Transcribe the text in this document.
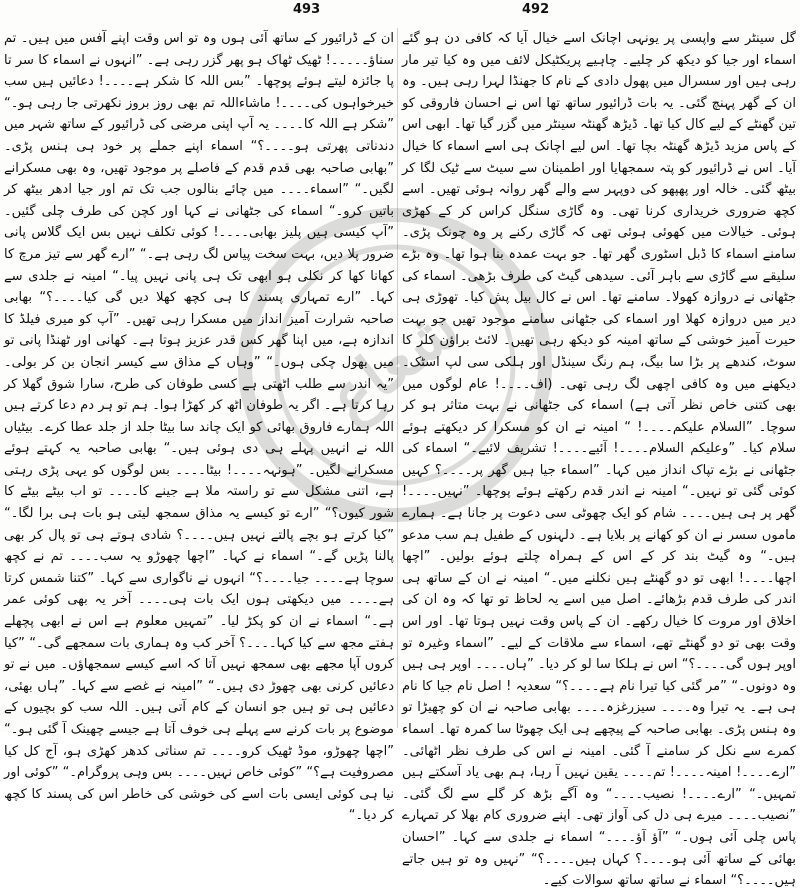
493	492

ان کے ڈرائیور کے ساتھ آئی ہوں وہ تو اس وقت اپنے آفس میں ہیں۔ تم سناؤ۔۔۔۔۔! ٹھیک ٹھاک ہو پھر گزر رہی ہے۔ ”انہوں نے اسماء کا سر تا پا جائزہ لیتے ہوئے پوچھا۔ ”بس اللہ کا شکر ہے۔۔۔۔! دعائیں ہیں سب خیرخواہوں کی۔۔۔۔! ماشاءاللہ تم بھی روز بروز نکھرتی جا رہی ہو۔“ ”شکر ہے اللہ کا۔۔۔۔ یہ آپ اپنی مرضی کی ڈرائیور کے ساتھ شہر میں دندناتی پھرتی ہو۔۔۔۔؟“ اسماء اپنے جملے پر خود ہی ہنس پڑی۔ ”بھابی صاحبہ بھی قدم قدم کے فاصلے پر موجود تھیں، وہ بھی مسکرانے لگیں۔“ ”اسماء۔۔۔۔ میں چائے بنالوں جب تک تم اور جیا ادھر بیٹھ کر باتیں کرو۔“ اسماء کی جٹھانی نے کہا اور کچن کی طرف چلی گئیں۔ ”آپ کیسی ہیں پلیز بھابی۔۔۔۔! کوئی تکلف نہیں بس ایک گلاس پانی ضرور پلا دیں، بہت سخت پیاس لگ رہی ہے۔“ ”ارے گھر سے تیز مرچ کا کھانا کھا کر نکلی ہو ابھی تک ہی پانی نہیں پیا۔“ امینہ نے جلدی سے کہا۔ ”ارے تمہاری پسند کا ہی کچھ کھلا دیں گی کیا۔۔۔۔؟“ بھابی صاحبہ شرارت آمیز انداز میں مسکرا رہی تھیں۔ ”آپ کو میری فیلڈ کا اندازہ ہے، میں اپنا گھر کس قدر عزیز ہوتا ہے۔ کھانی اور ٹھنڈا پانی تو میں بھول چکی ہوں۔“ ”وہاں کے مذاق سے کیسر انجان بن کر بولی۔ ”یہ اندر سے طلب اٹھتی ہے کسی طوفان کی طرح، سارا شوق گھلا کر رہا کرتا ہے۔ اگر یہ طوفان اٹھ کر کھڑا ہوا۔ ہم تو ہر دم دعا کرتے ہیں اللہ ہمارے فاروق بھائی کو ایک چاند سا بیٹا جلد از جلد عطا کرے۔ بیٹیاں اللہ نے انہیں پہلے ہی دی ہوئی ہیں۔“ بھابی صاحبہ یہ کہتے ہوئے مسکرانے لگیں۔ ”ہونہہ۔۔۔۔! بیٹا۔۔۔۔ بس لوگوں کو یہی پڑی رہتی ہے، اتنی مشکل سے تو راستہ ملا ہے جینے کا۔۔۔۔ تو اب بیٹے بیٹے کا شور کیوں؟“ ”ارے تو کیسے یہ مذاق سمجھ لیتی ہو بات ہی برا لگا۔“ ”کیا کرتے ہو بچے پالتے نہیں ہیں۔۔۔۔؟ شادی ہوتے ہی تو پال کر بھی پالنا پڑیں گے۔“ اسماء نے کہا۔ ”اچھا چھوڑو یہ سب۔۔۔۔ تم نے کچھ سوچا ہے۔۔۔۔ جیا۔۔۔۔؟“ انہوں نے ناگواری سے کہا۔ ”کتنا شمس کرتا ہے۔۔۔۔ میں دیکھتی ہوں ایک بات ہی۔۔۔۔ آخر یہ بھی کوئی عمر ہے۔“ اسماء نے ان کو پکڑ لیا۔ ”تمہیں معلوم ہے اس نے ابھی پچھلے ہفتے مجھ سے کیا کہا۔۔۔۔؟ آخر کب وہ ہماری بات سمجھے گی۔“ ”کیا کروں آپا مجھے بھی سمجھ نہیں آتا کہ اسے کیسے سمجھاؤں۔ میں نے تو دعائیں کرنی بھی چھوڑ دی ہیں۔“ ”امینہ نے غصے سے کہا۔ ”ہاں بھئی، دعائیں ہی تو ہیں جو انسان کے کام آتی ہیں۔ اللہ سب کو بچیوں کے موضوع پر بات کرنے سے پہلے ہی خوف آتا ہے جیسے چھینک آ گئی ہو۔“ ”اچھا چھوڑو، موڈ ٹھیک کرو۔۔۔۔ تم سناتی کدھر کھڑی ہو، آج کل کیا مصروفیت ہے؟“ ”کوئی خاص نہیں۔۔۔۔ بس وہی پروگرام۔“ ”کوئی اور نیا ہی کوئی ایسی بات اسے کی خوشی کی خاطر اس کی پسند کا کچھ کر دیا۔“

گل سینٹر سے واپسی پر یونہی اچانک اسے خیال آیا کہ کافی دن ہو گئے اسماء اور جیا کو دیکھ کر چلیے۔ چاہیے پریکٹیکل لائف میں وہ کیا تیر مار رہی ہیں اور سسرال میں پھول دادی کے نام کا جھنڈا لہرا رہی ہیں۔ وہ ان کے گھر پہنچ گئی۔ یہ بات ڈرائیور ساتھ تھا اس نے احسان فاروقی کو تین گھنٹے کے لیے کال کیا تھا۔ ڈیڑھ گھنٹہ سینٹر میں گزر گیا تھا۔ ابھی اس کے پاس مزید ڈیڑھ گھنٹہ بچا تھا۔ اس لیے اچانک ہی اسے اسماء کا خیال آیا۔ اس نے ڈرائیور کو پتہ سمجھایا اور اطمینان سے سیٹ سے ٹیک لگا کر بیٹھ گئی۔ خالہ اور پھپھو کی دوپہر سے والے گھر روانہ ہوئی تھیں۔ اسے کچھ ضروری خریداری کرنا تھی۔ وہ گاڑی سنگل کراس کر کے کھڑی ہوئی۔ خیالات میں کھوئی ہوئی تھی کہ گاڑی رکنے پر وہ چونک پڑی۔ سامنے اسماء کا ڈبل اسٹوری گھر تھا۔ جو بہت عمدہ بنا ہوا تھا۔ وہ بڑے سلیقے سے گاڑی سے باہر آئی۔ سیدھی گیٹ کی طرف بڑھی۔ اسماء کی جٹھانی نے دروازہ کھولا۔ سامنے تھا۔ اس نے کال بیل پش کیا۔ تھوڑی ہی دیر میں دروازہ کھلا اور اسماء کی جٹھانی سامنے موجود تھیں جو بہت حیرت آمیز خوشی کے ساتھ امینہ کو دیکھ رہی تھیں۔ لائٹ براؤن کلر کا سوٹ، کندھے پر بڑا سا بیگ، ہم رنگ سینڈل اور ہلکی سی لپ اسٹک۔ دیکھنے میں وہ کافی اچھی لگ رہی تھی۔ (اف۔۔۔۔! عام لوگوں میں بھی کتنی خاص نظر آتی ہے) اسماء کی جٹھانی نے بہت متاثر ہو کر سوچا۔ ”السلام علیکم۔۔۔۔! “ امینہ نے ان کو مسکرا کر دیکھتے ہوئے سلام کیا۔ ”وعلیکم السلام۔۔۔۔! آئیے۔۔۔۔! تشریف لائیے۔“ اسماء کی جٹھانی نے بڑے تپاک انداز میں کہا۔ ”اسماء جیا ہیں گھر پر۔۔۔۔؟ کہیں کوئی گئی تو نہیں۔“ امینہ نے اندر قدم رکھتے ہوئے پوچھا۔ ”نہیں۔۔۔۔! گھر پر ہی ہیں۔۔۔۔ شام کو ایک چھوٹی سی دعوت پر جانا ہے۔ ہمارے ماموں سسر نے ان کو کھانے پر بلایا ہے۔ دلہنوں کے طفیل ہم سب مدعو ہیں۔“ وہ گیٹ بند کر کے اس کے ہمراہ چلتے ہوئے بولیں۔ ”اچھا اچھا۔۔۔۔! ابھی تو دو گھنٹے ہیں نکلنے میں۔“ امینہ نے ان کے ساتھ ہی اندر کی طرف قدم بڑھائے۔ اصل میں اسے یہ لحاظ تو تھا کہ وہ ان کی اخلاق اور مروت کا خیال رکھے۔ ان کے پاس وقت نہیں ہوتا تھا۔ اور اس وقت بھی تو دو گھنٹے تھے، اسماء سے ملاقات کے لیے۔ ”اسماء وغیرہ تو اوپر ہوں گی۔۔۔۔؟“ اس نے ہلکا سا لو کر دیا۔ ”ہاں۔۔۔۔ اوپر ہی ہیں وہ دونوں۔“ ”مر گئی کیا تیرا نام ہے۔۔۔۔؟“ سعدیہ ! اصل نام جیا کا نام ہی ہے۔ یہ تیرا وہ۔۔۔۔ سیزرغزہ۔۔۔۔ بھابی صاحبہ نے ان کو چھیڑا تو وہ ہنس پڑی۔ بھابی صاحبہ کے پیچھے ہی ایک چھوٹا سا کمرہ تھا۔ اسماء کمرے سے نکل کر سامنے آ گئی۔ امینہ نے اس کی طرف نظر اٹھائی۔ ”ارے۔۔۔۔! امینہ۔۔۔۔! تم۔۔۔۔ یقین نہیں آ رہا، ہم بھی یاد آسکتے ہیں تمہیں۔“ ”ارے۔۔۔۔! نصیب۔۔۔۔“ وہ آگے بڑھ کر گلے سے لگ گئی۔ ”نصیب۔۔۔۔ میرے ہی دل کی آواز تھی۔ اپنے ضروری کام بھلا کر تمہارے پاس چلی آئی ہوں۔“ ”آؤ آؤ۔۔۔۔“ اسماء نے جلدی سے کہا۔ ”احسان بھائی کے ساتھ آئی ہو۔۔۔۔؟ کہاں ہیں۔۔۔۔؟“ ”نہیں وہ تو ہیں جاتے ہیں۔۔۔۔؟“ اسماء نے ساتھ ساتھ سوالات کیے۔

شعاع
